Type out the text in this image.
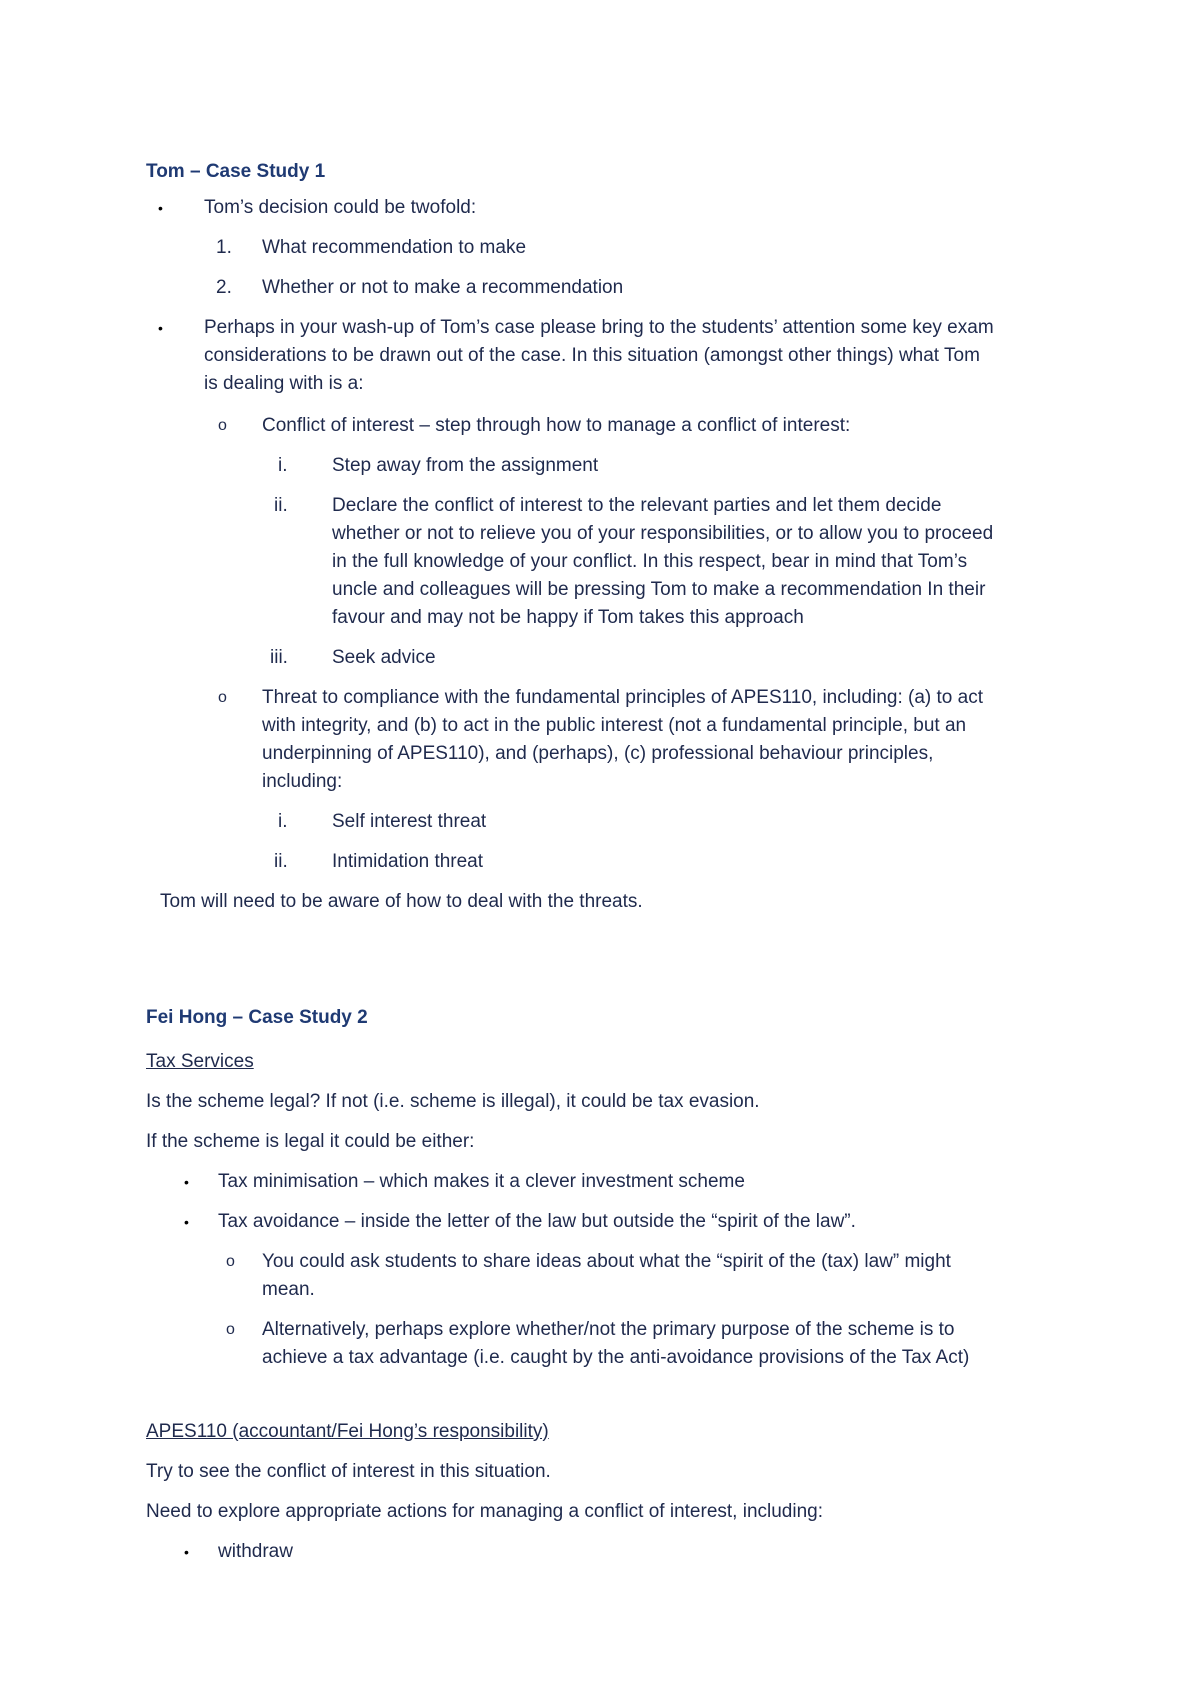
Tom – Case Study 1
• Tom’s decision could be twofold:
1. What recommendation to make
2. Whether or not to make a recommendation
• Perhaps in your wash-up of Tom’s case please bring to the students’ attention some key exam
considerations to be drawn out of the case. In this situation (amongst other things) what Tom
is dealing with is a:
o Conflict of interest – step through how to manage a conflict of interest:
i. Step away from the assignment
ii. Declare the conflict of interest to the relevant parties and let them decide
whether or not to relieve you of your responsibilities, or to allow you to proceed
in the full knowledge of your conflict. In this respect, bear in mind that Tom’s
uncle and colleagues will be pressing Tom to make a recommendation In their
favour and may not be happy if Tom takes this approach
iii. Seek advice
o Threat to compliance with the fundamental principles of APES110, including: (a) to act
with integrity, and (b) to act in the public interest (not a fundamental principle, but an
underpinning of APES110), and (perhaps), (c) professional behaviour principles,
including:
i. Self interest threat
ii. Intimidation threat
Tom will need to be aware of how to deal with the threats.
Fei Hong – Case Study 2
Tax Services
Is the scheme legal? If not (i.e. scheme is illegal), it could be tax evasion.
If the scheme is legal it could be either:
• Tax minimisation – which makes it a clever investment scheme
• Tax avoidance – inside the letter of the law but outside the “spirit of the law”.
o You could ask students to share ideas about what the “spirit of the (tax) law” might
mean.
o Alternatively, perhaps explore whether/not the primary purpose of the scheme is to
achieve a tax advantage (i.e. caught by the anti-avoidance provisions of the Tax Act)
APES110 (accountant/Fei Hong’s responsibility)
Try to see the conflict of interest in this situation.
Need to explore appropriate actions for managing a conflict of interest, including:
• withdraw
